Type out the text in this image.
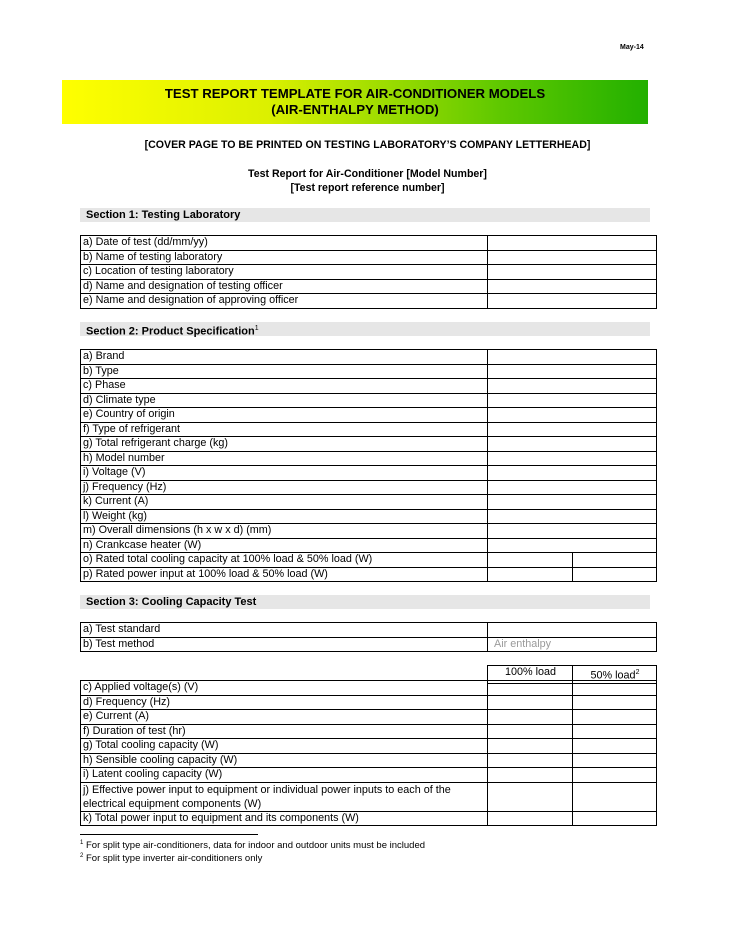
May-14
TEST REPORT TEMPLATE FOR AIR-CONDITIONER MODELS
(AIR-ENTHALPY METHOD)
[COVER PAGE TO BE PRINTED ON TESTING LABORATORY’S COMPANY LETTERHEAD]
Test Report for Air-Conditioner [Model Number]
[Test report reference number]
Section 1: Testing Laboratory
a) Date of test (dd/mm/yy)	
b) Name of testing laboratory	
c) Location of testing laboratory	
d) Name and designation of testing officer	
e) Name and designation of approving officer	
Section 2: Product Specification$^1$
a) Brand		
b) Type		
c) Phase		
d) Climate type		
e) Country of origin		
f) Type of refrigerant		
g) Total refrigerant charge (kg)		
h) Model number		
i) Voltage (V)		
j) Frequency (Hz)		
k) Current (A)		
l) Weight (kg)		
m) Overall dimensions (h x w x d) (mm)		
n) Crankcase heater (W)		
o) Rated total cooling capacity at 100% load & 50% load (W)		
p) Rated power input at 100% load & 50% load (W)		
Section 3: Cooling Capacity Test
a) Test standard	
b) Test method	Air enthalpy
	100% load	50% load$^2$
c) Applied voltage(s) (V)		
d) Frequency (Hz)		
e) Current (A)		
f) Duration of test (hr)		
g) Total cooling capacity (W)		
h) Sensible cooling capacity (W)		
i) Latent cooling capacity (W)		
j) Effective power input to equipment or individual power inputs to each of the electrical equipment components (W)		
k) Total power input to equipment and its components (W)		
$^1$ For split type air-conditioners, data for indoor and outdoor units must be included
$^2$ For split type inverter air-conditioners only
